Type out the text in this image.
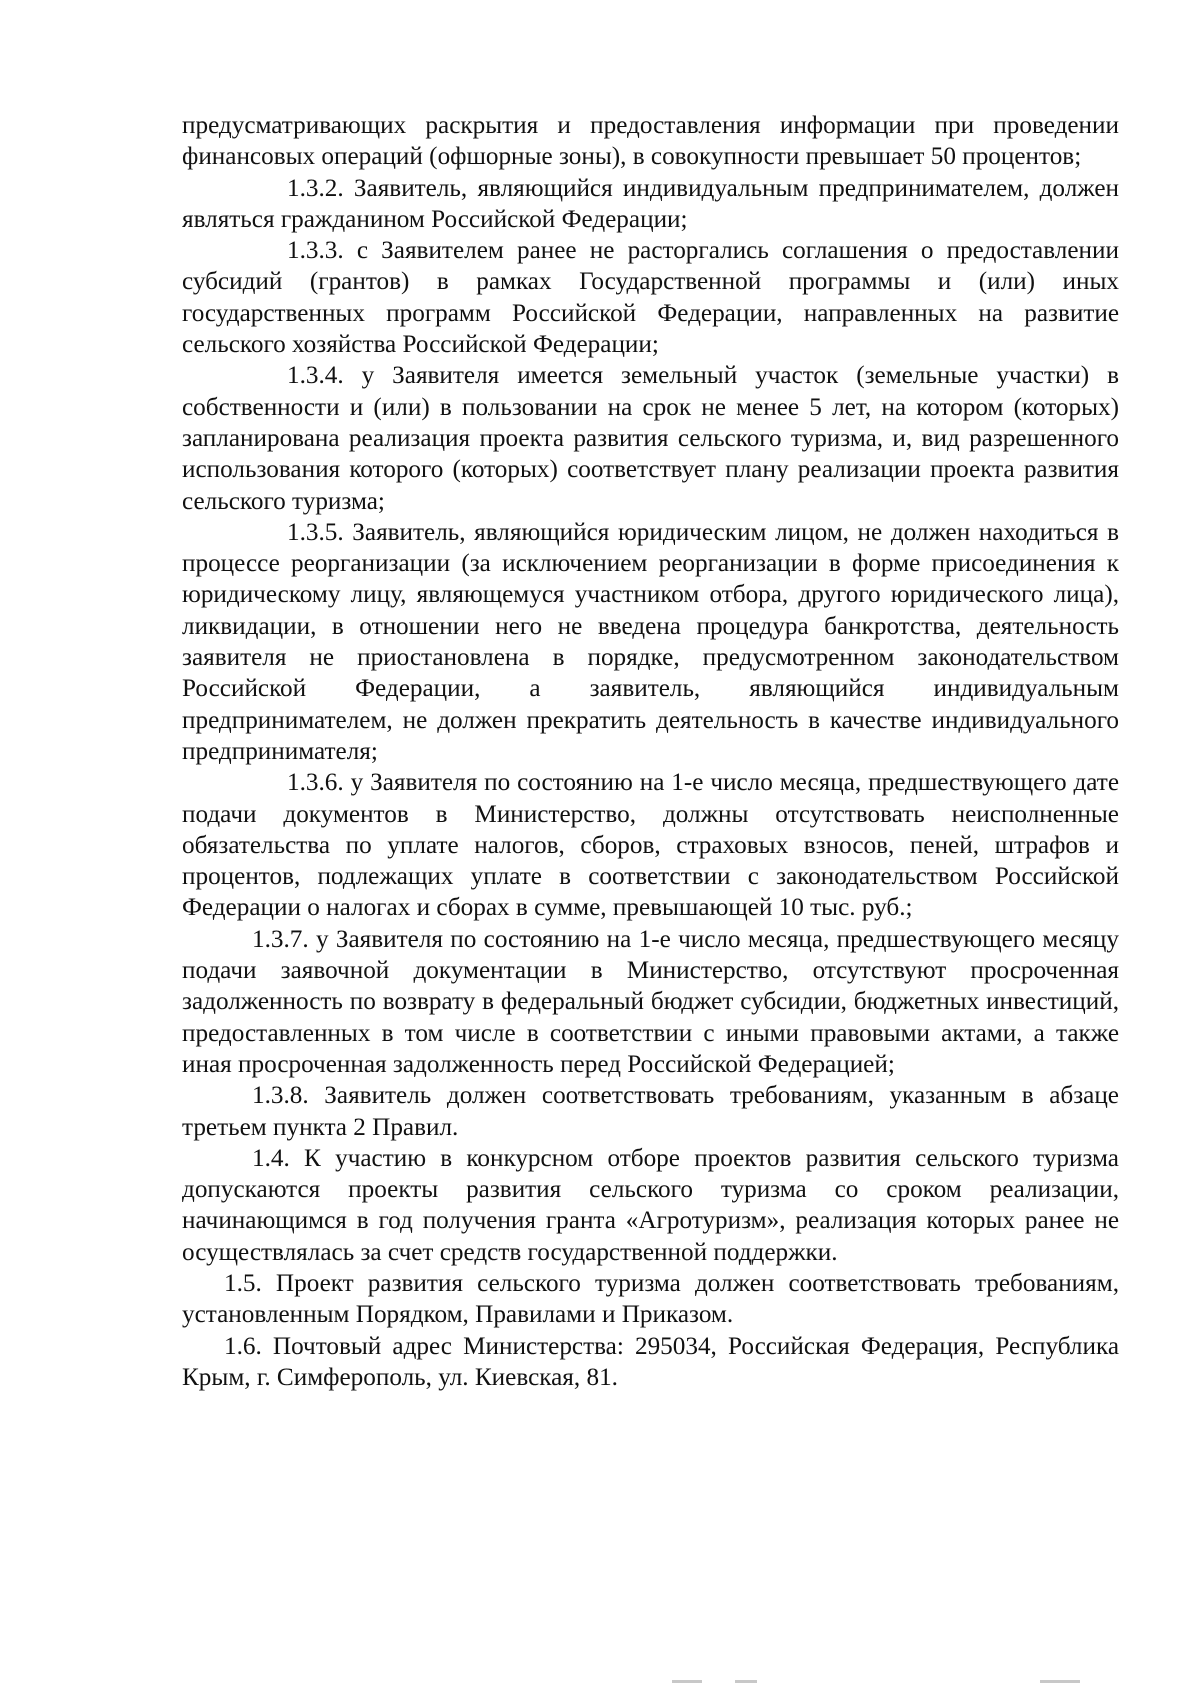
предусматривающих раскрытия и предоставления информации при проведении финансовых операций (офшорные зоны), в совокупности превышает 50 процентов;

1.3.2. Заявитель, являющийся индивидуальным предпринимателем, должен являться гражданином Российской Федерации;

1.3.3. с Заявителем ранее не расторгались соглашения о предоставлении субсидий (грантов) в рамках Государственной программы и (или) иных государственных программ Российской Федерации, направленных на развитие сельского хозяйства Российской Федерации;

1.3.4. у Заявителя имеется земельный участок (земельные участки) в собственности и (или) в пользовании на срок не менее 5 лет, на котором (которых) запланирована реализация проекта развития сельского туризма, и, вид разрешенного использования которого (которых) соответствует плану реализации проекта развития сельского туризма;

1.3.5. Заявитель, являющийся юридическим лицом, не должен находиться в процессе реорганизации (за исключением реорганизации в форме присоединения к юридическому лицу, являющемуся участником отбора, другого юридического лица), ликвидации, в отношении него не введена процедура банкротства, деятельность заявителя не приостановлена в порядке, предусмотренном законодательством Российской Федерации, а заявитель, являющийся индивидуальным предпринимателем, не должен прекратить деятельность в качестве индивидуального предпринимателя;

1.3.6. у Заявителя по состоянию на 1-е число месяца, предшествующего дате подачи документов в Министерство, должны отсутствовать неисполненные обязательства по уплате налогов, сборов, страховых взносов, пеней, штрафов и процентов, подлежащих уплате в соответствии с законодательством Российской Федерации о налогах и сборах в сумме, превышающей 10 тыс. руб.;

1.3.7. у Заявителя по состоянию на 1-е число месяца, предшествующего месяцу подачи заявочной документации в Министерство, отсутствуют просроченная задолженность по возврату в федеральный бюджет субсидии, бюджетных инвестиций, предоставленных в том числе в соответствии с иными правовыми актами, а также иная просроченная задолженность перед Российской Федерацией;

1.3.8. Заявитель должен соответствовать требованиям, указанным в абзаце третьем пункта 2 Правил.

1.4. К участию в конкурсном отборе проектов развития сельского туризма допускаются проекты развития сельского туризма со сроком реализации, начинающимся в год получения гранта «Агротуризм», реализация которых ранее не осуществлялась за счет средств государственной поддержки.

1.5. Проект развития сельского туризма должен соответствовать требованиям, установленным Порядком, Правилами и Приказом.

1.6. Почтовый адрес Министерства: 295034, Российская Федерация, Республика Крым, г. Симферополь, ул. Киевская, 81.
